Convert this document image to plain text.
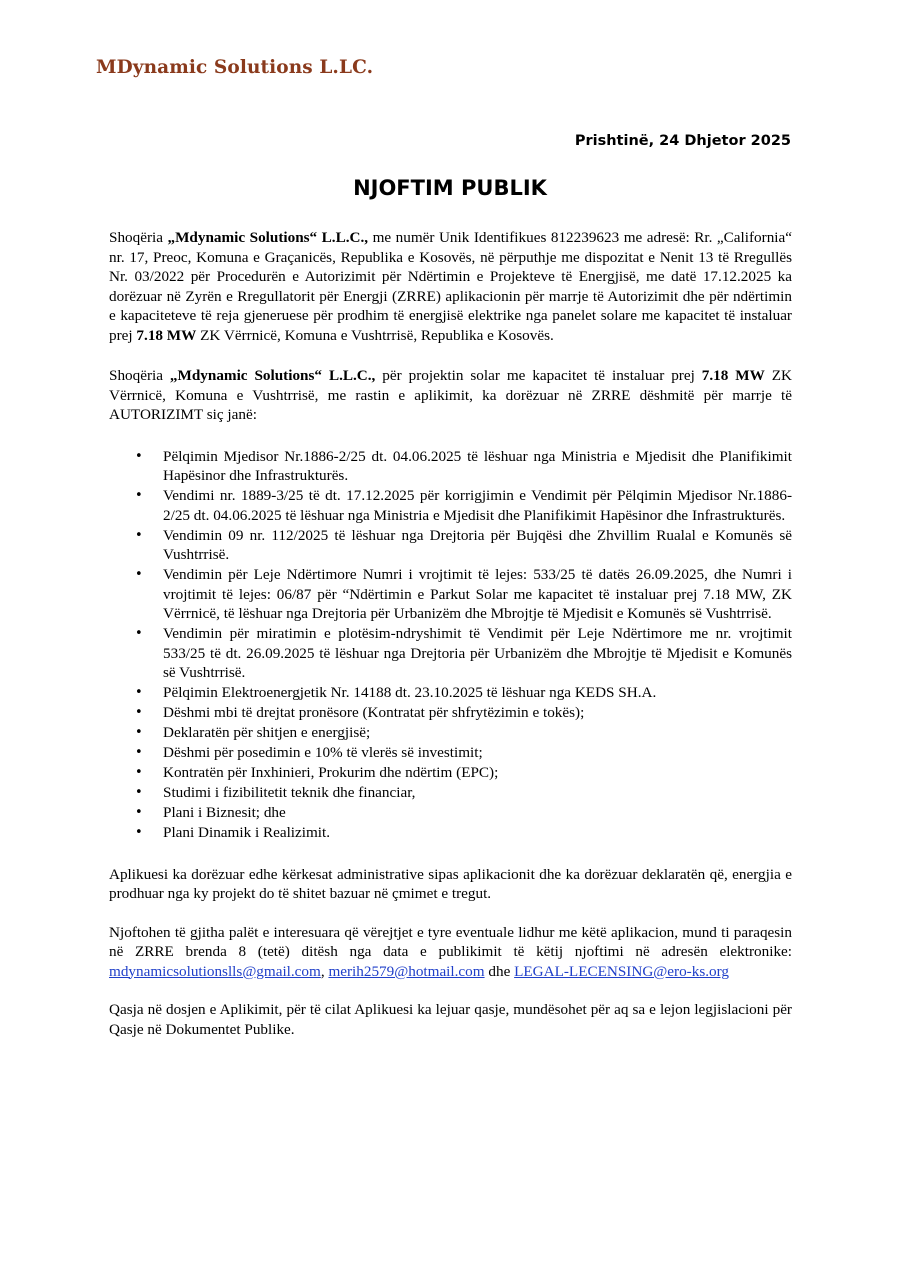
MDynamic Solutions L.LC.
Prishtinë, 24 Dhjetor 2025
NJOFTIM PUBLIK

Shoqëria „Mdynamic Solutions“ L.L.C., me numër Unik Identifikues 812239623 me adresë: Rr. „California“ nr. 17, Preoc, Komuna e Graçanicës, Republika e Kosovës, në përputhje me dispozitat e Nenit 13 të Rregullës Nr. 03/2022 për Procedurën e Autorizimit për Ndërtimin e Projekteve të Energjisë, me datë 17.12.2025 ka dorëzuar në Zyrën e Rregullatorit për Energji (ZRRE) aplikacionin për marrje të Autorizimit dhe për ndërtimin e kapaciteteve të reja gjeneruese për prodhim të energjisë elektrike nga panelet solare me kapacitet të instaluar prej 7.18 MW ZK Vërrnicë, Komuna e Vushtrrisë, Republika e Kosovës.

Shoqëria „Mdynamic Solutions“ L.L.C., për projektin solar me kapacitet të instaluar prej 7.18 MW ZK Vërrnicë, Komuna e Vushtrrisë, me rastin e aplikimit, ka dorëzuar në ZRRE dëshmitë për marrje të AUTORIZIMT siç janë:

• Pëlqimin Mjedisor Nr.1886-2/25 dt. 04.06.2025 të lëshuar nga Ministria e Mjedisit dhe Planifikimit Hapësinor dhe Infrastrukturës.
• Vendimi nr. 1889-3/25 të dt. 17.12.2025 për korrigjimin e Vendimit për Pëlqimin Mjedisor Nr.1886-2/25 dt. 04.06.2025 të lëshuar nga Ministria e Mjedisit dhe Planifikimit Hapësinor dhe Infrastrukturës.
• Vendimin 09 nr. 112/2025 të lëshuar nga Drejtoria për Bujqësi dhe Zhvillim Rualal e Komunës së Vushtrrisë.
• Vendimin për Leje Ndërtimore Numri i vrojtimit të lejes: 533/25 të datës 26.09.2025, dhe Numri i vrojtimit të lejes: 06/87 për “Ndërtimin e Parkut Solar me kapacitet të instaluar prej 7.18 MW, ZK Vërrnicë, të lëshuar nga Drejtoria për Urbanizëm dhe Mbrojtje të Mjedisit e Komunës së Vushtrrisë.
• Vendimin për miratimin e plotësim-ndryshimit të Vendimit për Leje Ndërtimore me nr. vrojtimit 533/25 të dt. 26.09.2025 të lëshuar nga Drejtoria për Urbanizëm dhe Mbrojtje të Mjedisit e Komunës së Vushtrrisë.
• Pëlqimin Elektroenergjetik Nr. 14188 dt. 23.10.2025 të lëshuar nga KEDS SH.A.
• Dëshmi mbi të drejtat pronësore (Kontratat për shfrytëzimin e tokës);
• Deklaratën për shitjen e energjisë;
• Dëshmi për posedimin e 10% të vlerës së investimit;
• Kontratën për Inxhinieri, Prokurim dhe ndërtim (EPC);
• Studimi i fizibilitetit teknik dhe financiar,
• Plani i Biznesit; dhe
• Plani Dinamik i Realizimit.

Aplikuesi ka dorëzuar edhe kërkesat administrative sipas aplikacionit dhe ka dorëzuar deklaratën që, energjia e prodhuar nga ky projekt do të shitet bazuar në çmimet e tregut.

Njoftohen të gjitha palët e interesuara që vërejtjet e tyre eventuale lidhur me këtë aplikacion, mund ti paraqesin në ZRRE brenda 8 (tetë) ditësh nga data e publikimit të këtij njoftimi në adresën elektronike: mdynamicsolutionslls@gmail.com, merih2579@hotmail.com dhe LEGAL-LECENSING@ero-ks.org

Qasja në dosjen e Aplikimit, për të cilat Aplikuesi ka lejuar qasje, mundësohet për aq sa e lejon legjislacioni për Qasje në Dokumentet Publike.
